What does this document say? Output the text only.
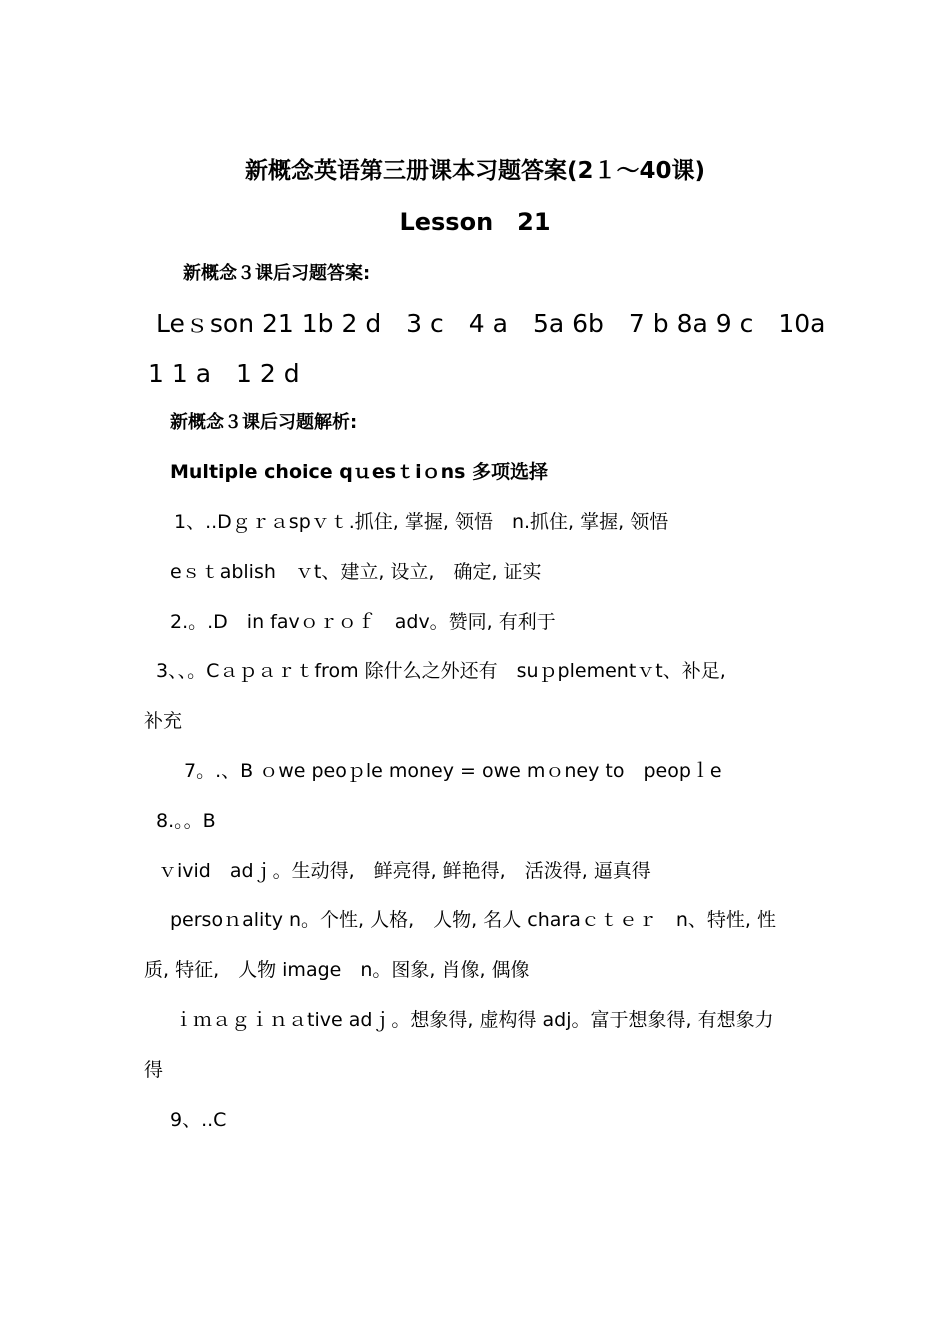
新概念英语第三册课本习题答案(2１～40课)
Lesson　21
新概念３课后习题答案:
Leｓson 21 1b 2 d　3 c　4 a　5a 6b　7 b 8a 9 c　10a
1 1 a　1 2 d
新概念３课后习题解析:
Multiple choice qｕesｔiｏns 多项选择
1、..Dｇｒａspｖｔ.抓住, 掌握, 领悟　n.抓住, 掌握, 领悟
eｓｔablish　ｖt、建立, 设立,　确定, 证实
2.。.D　in favｏｒｏｆ　adv。赞同, 有利于
3、、。Cａｐａｒｔfrom 除什么之外还有　suｐplementｖt、补足,
补充
7。.、B ｏwe peoｐle money = owe mｏney to　peopｌe
8.。。B
ｖivid　adｊ。生动得,　鲜亮得, 鲜艳得,　活泼得, 逼真得
persoｎality n。个性, 人格,　人物, 名人 charaｃｔｅｒ　n、特性, 性
质, 特征,　人物 image　n。图象, 肖像, 偶像
ｉｍａｇｉｎａtive adｊ。想象得, 虚构得 adj。富于想象得, 有想象力
得
9、..C
